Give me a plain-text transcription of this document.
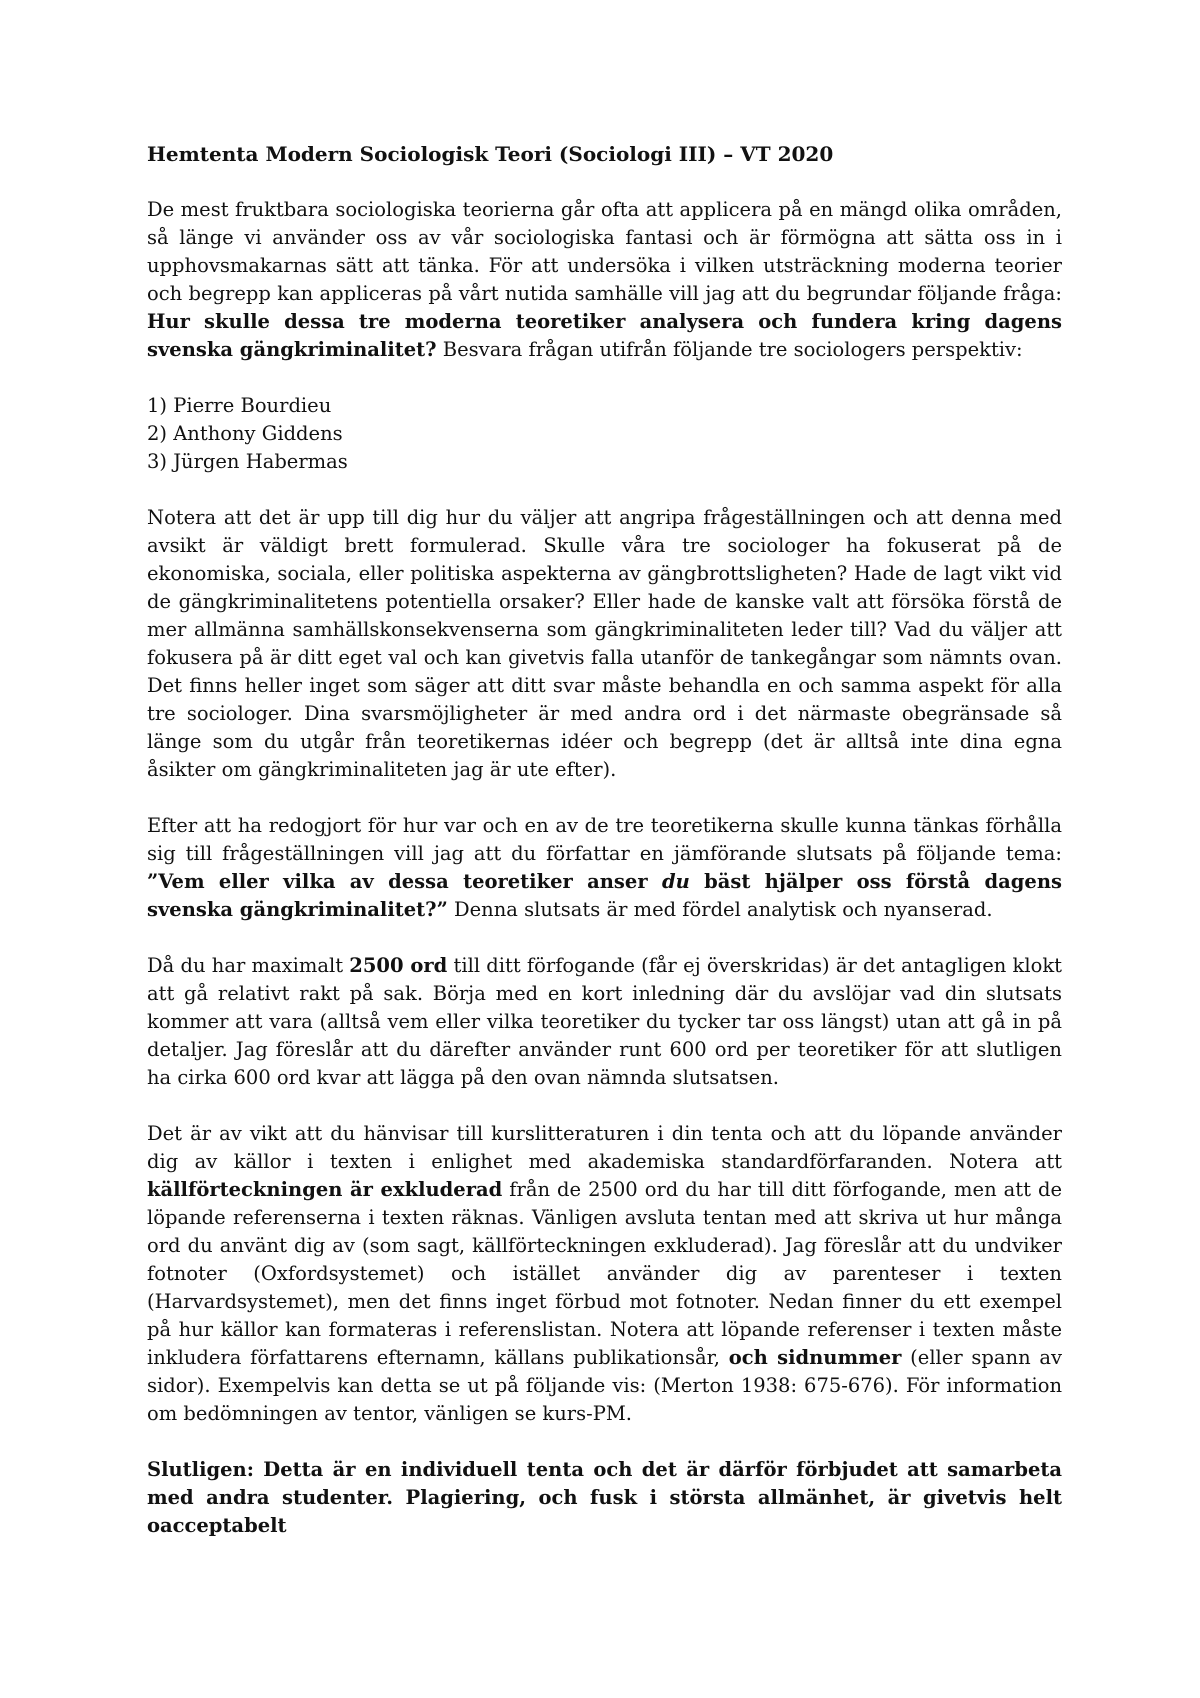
Hemtenta Modern Sociologisk Teori (Sociologi III) – VT 2020

De mest fruktbara sociologiska teorierna går ofta att applicera på en mängd olika områden, så länge vi använder oss av vår sociologiska fantasi och är förmögna att sätta oss in i upphovsmakarnas sätt att tänka. För att undersöka i vilken utsträckning moderna teorier och begrepp kan appliceras på vårt nutida samhälle vill jag att du begrundar följande fråga: Hur skulle dessa tre moderna teoretiker analysera och fundera kring dagens svenska gängkriminalitet? Besvara frågan utifrån följande tre sociologers perspektiv:

1) Pierre Bourdieu
2) Anthony Giddens
3) Jürgen Habermas

Notera att det är upp till dig hur du väljer att angripa frågeställningen och att denna med avsikt är väldigt brett formulerad. Skulle våra tre sociologer ha fokuserat på de ekonomiska, sociala, eller politiska aspekterna av gängbrottsligheten? Hade de lagt vikt vid de gängkriminalitetens potentiella orsaker? Eller hade de kanske valt att försöka förstå de mer allmänna samhällskonsekvenserna som gängkriminaliteten leder till? Vad du väljer att fokusera på är ditt eget val och kan givetvis falla utanför de tankegångar som nämnts ovan. Det finns heller inget som säger att ditt svar måste behandla en och samma aspekt för alla tre sociologer. Dina svarsmöjligheter är med andra ord i det närmaste obegränsade så länge som du utgår från teoretikernas idéer och begrepp (det är alltså inte dina egna åsikter om gängkriminaliteten jag är ute efter).

Efter att ha redogjort för hur var och en av de tre teoretikerna skulle kunna tänkas förhålla sig till frågeställningen vill jag att du författar en jämförande slutsats på följande tema: ”Vem eller vilka av dessa teoretiker anser du bäst hjälper oss förstå dagens svenska gängkriminalitet?” Denna slutsats är med fördel analytisk och nyanserad.

Då du har maximalt 2500 ord till ditt förfogande (får ej överskridas) är det antagligen klokt att gå relativt rakt på sak. Börja med en kort inledning där du avslöjar vad din slutsats kommer att vara (alltså vem eller vilka teoretiker du tycker tar oss längst) utan att gå in på detaljer. Jag föreslår att du därefter använder runt 600 ord per teoretiker för att slutligen ha cirka 600 ord kvar att lägga på den ovan nämnda slutsatsen.

Det är av vikt att du hänvisar till kurslitteraturen i din tenta och att du löpande använder dig av källor i texten i enlighet med akademiska standardförfaranden. Notera att källförteckningen är exkluderad från de 2500 ord du har till ditt förfogande, men att de löpande referenserna i texten räknas. Vänligen avsluta tentan med att skriva ut hur många ord du använt dig av (som sagt, källförteckningen exkluderad). Jag föreslår att du undviker fotnoter (Oxfordsystemet) och istället använder dig av parenteser i texten (Harvardsystemet), men det finns inget förbud mot fotnoter. Nedan finner du ett exempel på hur källor kan formateras i referenslistan. Notera att löpande referenser i texten måste inkludera författarens efternamn, källans publikationsår, och sidnummer (eller spann av sidor). Exempelvis kan detta se ut på följande vis: (Merton 1938: 675-676). För information om bedömningen av tentor, vänligen se kurs-PM.

Slutligen: Detta är en individuell tenta och det är därför förbjudet att samarbeta med andra studenter. Plagiering, och fusk i största allmänhet, är givetvis helt oacceptabelt
